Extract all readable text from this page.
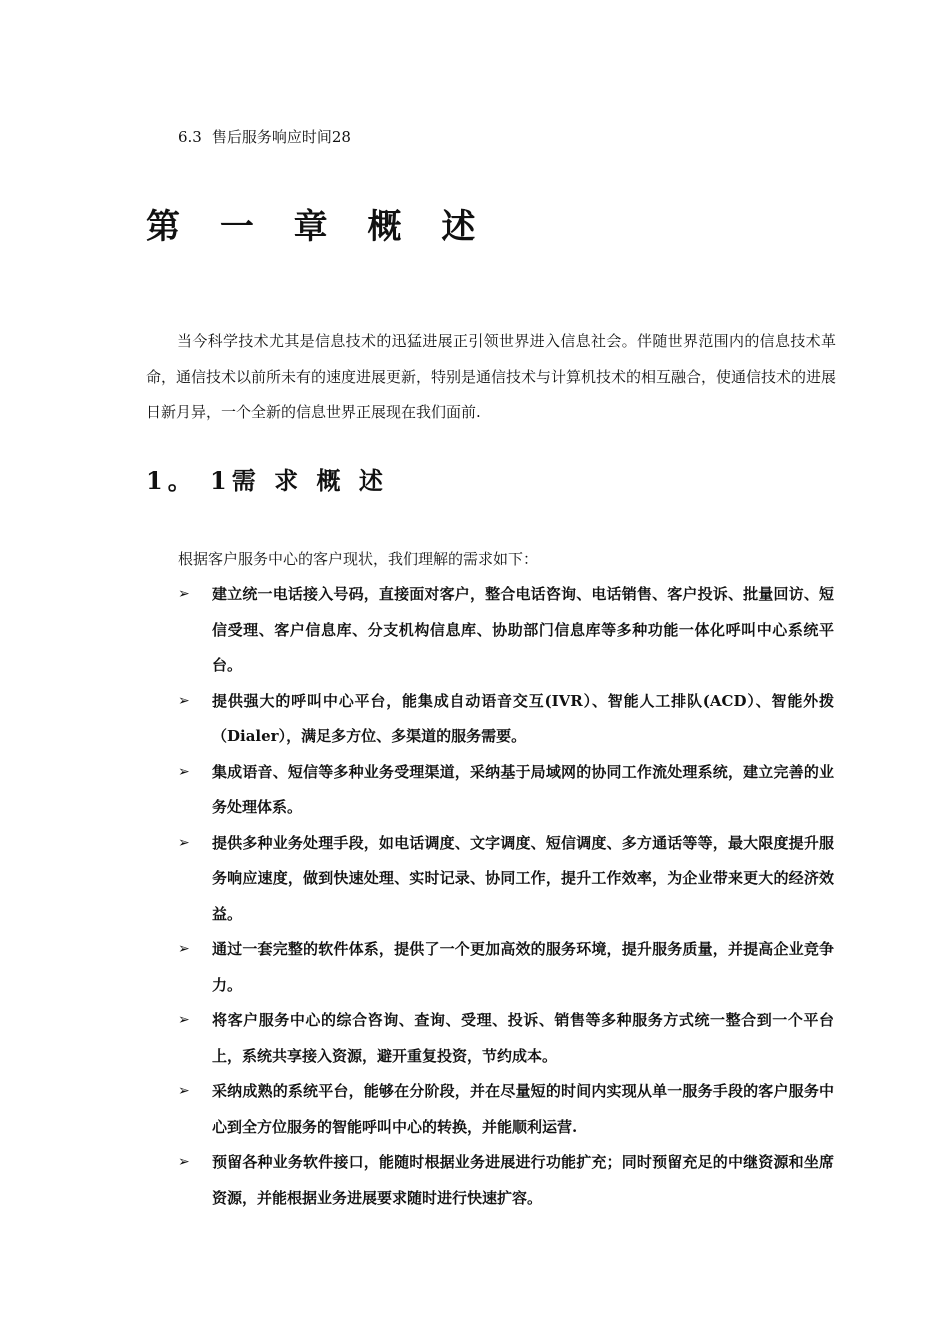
6.3 售后服务响应时间28
第 一 章 概 述

当今科学技术尤其是信息技术的迅猛进展正引领世界进入信息社会。伴随世界范围内的信息技术革命，通信技术以前所未有的速度进展更新，特别是通信技术与计算机技术的相互融合，使通信技术的进展日新月异，一个全新的信息世界正展现在我们面前.

1。 1需 求 概 述

根据客户服务中心的客户现状，我们理解的需求如下：

➢ 建立统一电话接入号码，直接面对客户，整合电话咨询、电话销售、客户投诉、批量回访、短信受理、客户信息库、分支机构信息库、协助部门信息库等多种功能一体化呼叫中心系统平台。
➢ 提供强大的呼叫中心平台，能集成自动语音交互(IVR）、智能人工排队(ACD）、智能外拨（Dialer），满足多方位、多渠道的服务需要。
➢ 集成语音、短信等多种业务受理渠道，采纳基于局域网的协同工作流处理系统，建立完善的业务处理体系。
➢ 提供多种业务处理手段，如电话调度、文字调度、短信调度、多方通话等等，最大限度提升服务响应速度，做到快速处理、实时记录、协同工作，提升工作效率，为企业带来更大的经济效益。
➢ 通过一套完整的软件体系，提供了一个更加高效的服务环境，提升服务质量，并提高企业竞争力。
➢ 将客户服务中心的综合咨询、查询、受理、投诉、销售等多种服务方式统一整合到一个平台上，系统共享接入资源，避开重复投资，节约成本。
➢ 采纳成熟的系统平台，能够在分阶段，并在尽量短的时间内实现从单一服务手段的客户服务中心到全方位服务的智能呼叫中心的转换，并能顺利运营.
➢ 预留各种业务软件接口，能随时根据业务进展进行功能扩充；同时预留充足的中继资源和坐席资源，并能根据业务进展要求随时进行快速扩容。
